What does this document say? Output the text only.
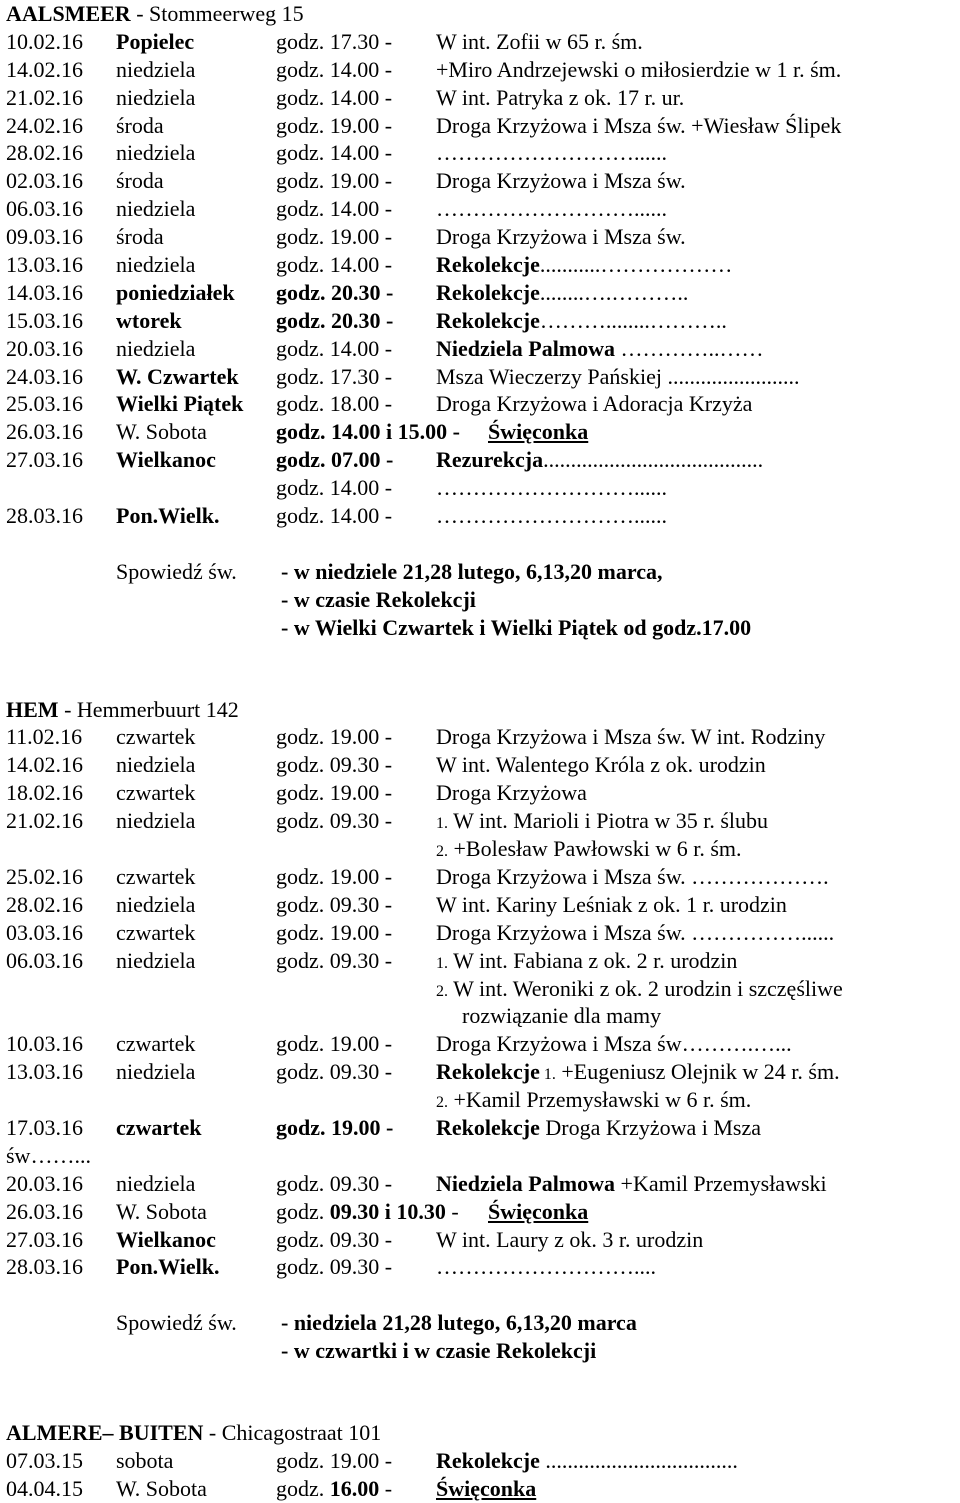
AALSMEER - Stommeerweg 15
10.02.16 Popielec	godz. 17.30 - W int. Zofii w 65 r. śm.
14.02.16 niedziela	godz. 14.00 - +Miro Andrzejewski o miłosierdzie w 1 r. śm.
21.02.16 niedziela	godz. 14.00 - W int. Patryka z ok. 17 r. ur.
24.02.16 środa	godz. 19.00 - Droga Krzyżowa i Msza św. +Wiesław Ślipek
28.02.16 niedziela	godz. 14.00 - ………………………......
02.03.16 środa	godz. 19.00 - Droga Krzyżowa i Msza św.
06.03.16 niedziela	godz. 14.00 - ………………………......
09.03.16 środa	godz. 19.00 - Droga Krzyżowa i Msza św.
13.03.16 niedziela	godz. 14.00 - Rekolekcje...........………………
14.03.16 poniedziałek godz. 20.30 - Rekolekcje........….………..
15.03.16 wtorek	godz. 20.30 - Rekolekcje………........………..
20.03.16 niedziela	godz. 14.00 - Niedziela Palmowa …………..……
24.03.16 W. Czwartek godz. 17.30 - Msza Wieczerzy Pańskiej ........................
25.03.16 Wielki Piątek godz. 18.00 - Droga Krzyżowa i Adoracja Krzyża
26.03.16 W. Sobota	godz. 14.00 i 15.00 - Święconka
27.03.16 Wielkanoc	godz. 07.00 - Rezurekcja........................................
godz. 14.00 - ………………………......
28.03.16 Pon.Wielk.	godz. 14.00 - ………………………......
Spowiedź św. - w niedziele 21,28 lutego, 6,13,20 marca,
- w czasie Rekolekcji
- w Wielki Czwartek i Wielki Piątek od godz.17.00
HEM - Hemmerbuurt 142
11.02.16 czwartek	godz. 19.00 - Droga Krzyżowa i Msza św. W int. Rodziny
14.02.16 niedziela	godz. 09.30 - W int. Walentego Króla z ok. urodzin
18.02.16 czwartek	godz. 19.00 - Droga Krzyżowa
21.02.16 niedziela	godz. 09.30 -	1. W int. Marioli i Piotra w 35 r. ślubu
2. +Bolesław Pawłowski w 6 r. śm.
25.02.16 czwartek	godz. 19.00 - Droga Krzyżowa i Msza św. ……………….
28.02.16 niedziela	godz. 09.30 - W int. Kariny Leśniak z ok. 1 r. urodzin
03.03.16 czwartek	godz. 19.00 - Droga Krzyżowa i Msza św. ……………......
06.03.16 niedziela	godz. 09.30 -	1. W int. Fabiana z ok. 2 r. urodzin
2. W int. Weroniki z ok. 2 urodzin i szczęśliwe
rozwiązanie dla mamy
10.03.16 czwartek	godz. 19.00 - Droga Krzyżowa i Msza św……….…...
13.03.16 niedziela	godz. 09.30 - Rekolekcje 1. +Eugeniusz Olejnik w 24 r. śm.
2. +Kamil Przemysławski w 6 r. śm.
17.03.16 czwartek	godz. 19.00 - Rekolekcje Droga Krzyżowa i Msza
św……...
20.03.16 niedziela	godz. 09.30 - Niedziela Palmowa +Kamil Przemysławski
26.03.16 W. Sobota	godz. 09.30 i 10.30 - Święconka
27.03.16 Wielkanoc	godz. 09.30 - W int. Laury z ok. 3 r. urodzin
28.03.16 Pon.Wielk.	godz. 09.30 - ………………………....
Spowiedź św. - niedziela 21,28 lutego, 6,13,20 marca
- w czwartki i w czasie Rekolekcji
ALMERE– BUITEN - Chicagostraat 101
07.03.15 sobota	godz. 19.00 - Rekolekcje ...................................
04.04.15 W. Sobota	godz. 16.00 - Święconka
